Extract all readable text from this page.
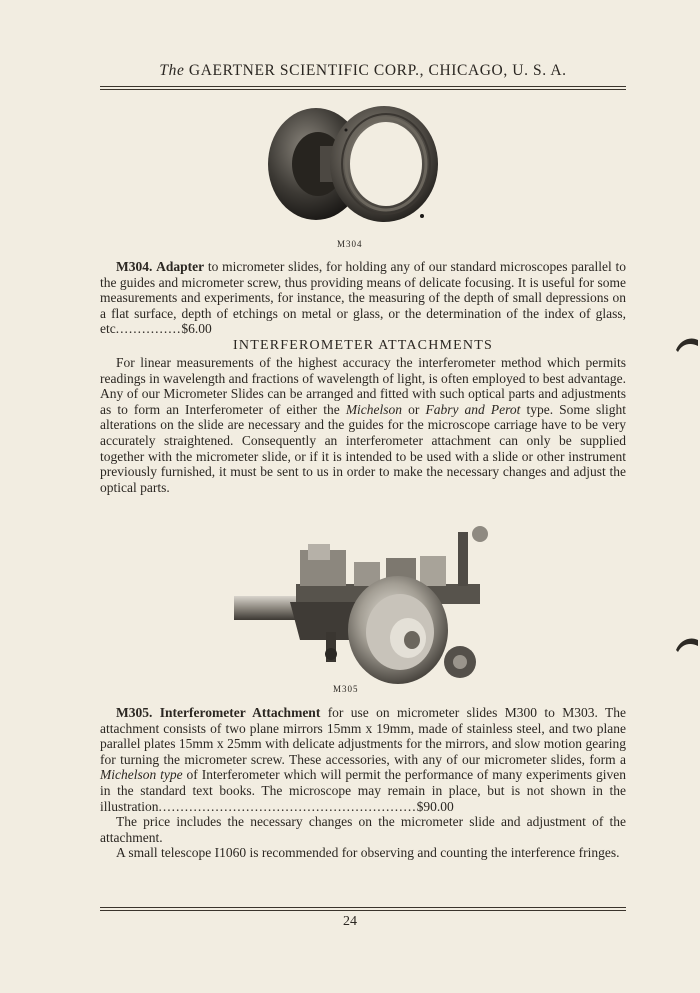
The GAERTNER SCIENTIFIC CORP., CHICAGO, U. S. A.
M304

M304. Adapter to micrometer slides, for holding any of our standard microscopes parallel to the guides and micrometer screw, thus providing means of delicate focusing. It is useful for some measurements and experiments, for instance, the measuring of the depth of small depressions on a flat surface, depth of etchings on metal or glass, or the determination of the index of glass, etc...............$6.00

INTERFEROMETER ATTACHMENTS

For linear measurements of the highest accuracy the interferometer method which permits readings in wavelength and fractions of wavelength of light, is often employed to best advantage. Any of our Micrometer Slides can be arranged and fitted with such optical parts and adjustments as to form an Interferometer of either the Michelson or Fabry and Perot type. Some slight alterations on the slide are necessary and the guides for the microscope carriage have to be very accurately straightened. Consequently an interferometer attachment can only be supplied together with the micrometer slide, or if it is intended to be used with a slide or other instrument previously furnished, it must be sent to us in order to make the necessary changes and adjust the optical parts.

M305

M305. Interferometer Attachment for use on micrometer slides M300 to M303. The attachment consists of two plane mirrors 15mm x 19mm, made of stainless steel, and two plane parallel plates 15mm x 25mm with delicate adjustments for the mirrors, and slow motion gearing for turning the micrometer screw. These accessories, with any of our micrometer slides, form a Michelson type of Interferometer which will permit the performance of many experiments given in the standard text books. The microscope may remain in place, but is not shown in the illustration...........................................................$90.00

The price includes the necessary changes on the micrometer slide and adjustment of the attachment.

A small telescope I1060 is recommended for observing and counting the interference fringes.

24
